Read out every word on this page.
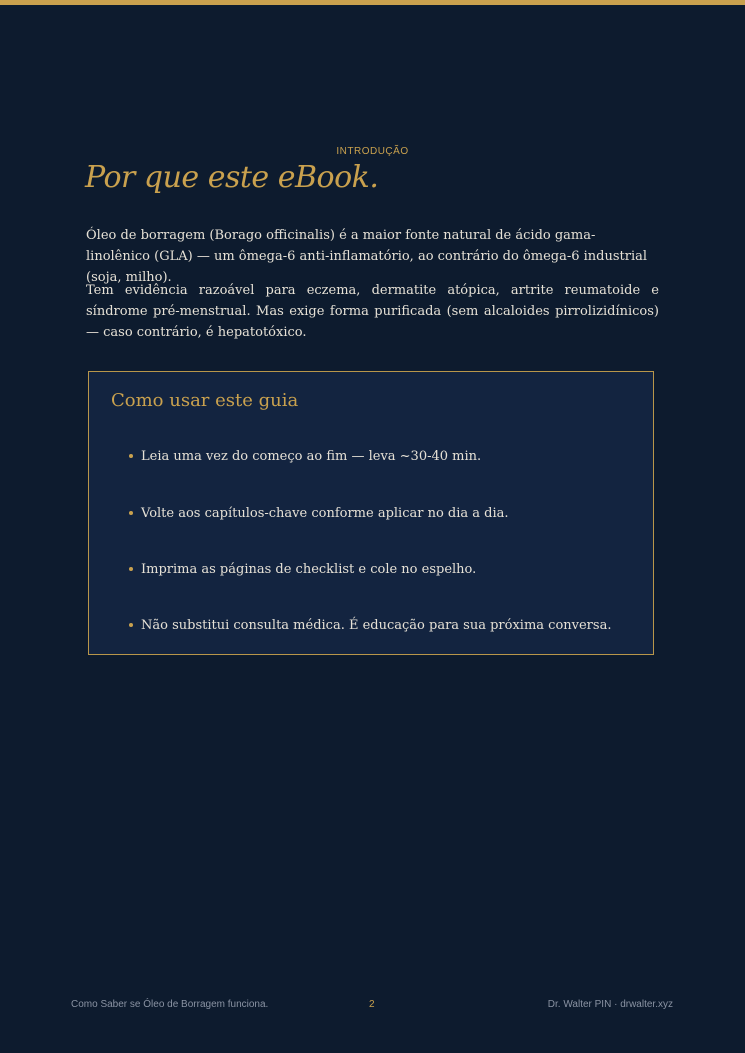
INTRODUÇÃO
Por que este eBook.

Óleo de borragem (Borago officinalis) é a maior fonte natural de ácido gama-linolênico (GLA) — um ômega-6 anti-inflamatório, ao contrário do ômega-6 industrial (soja, milho).

Tem evidência razoável para eczema, dermatite atópica, artrite reumatoide e síndrome pré-menstrual. Mas exige forma purificada (sem alcaloides pirrolizidínicos) — caso contrário, é hepatotóxico.

Como usar este guia
Leia uma vez do começo ao fim — leva ~30-40 min.
Volte aos capítulos-chave conforme aplicar no dia a dia.
Imprima as páginas de checklist e cole no espelho.
Não substitui consulta médica. É educação para sua próxima conversa.
Como Saber se Óleo de Borragem funciona.	2	Dr. Walter PIN · drwalter.xyz
